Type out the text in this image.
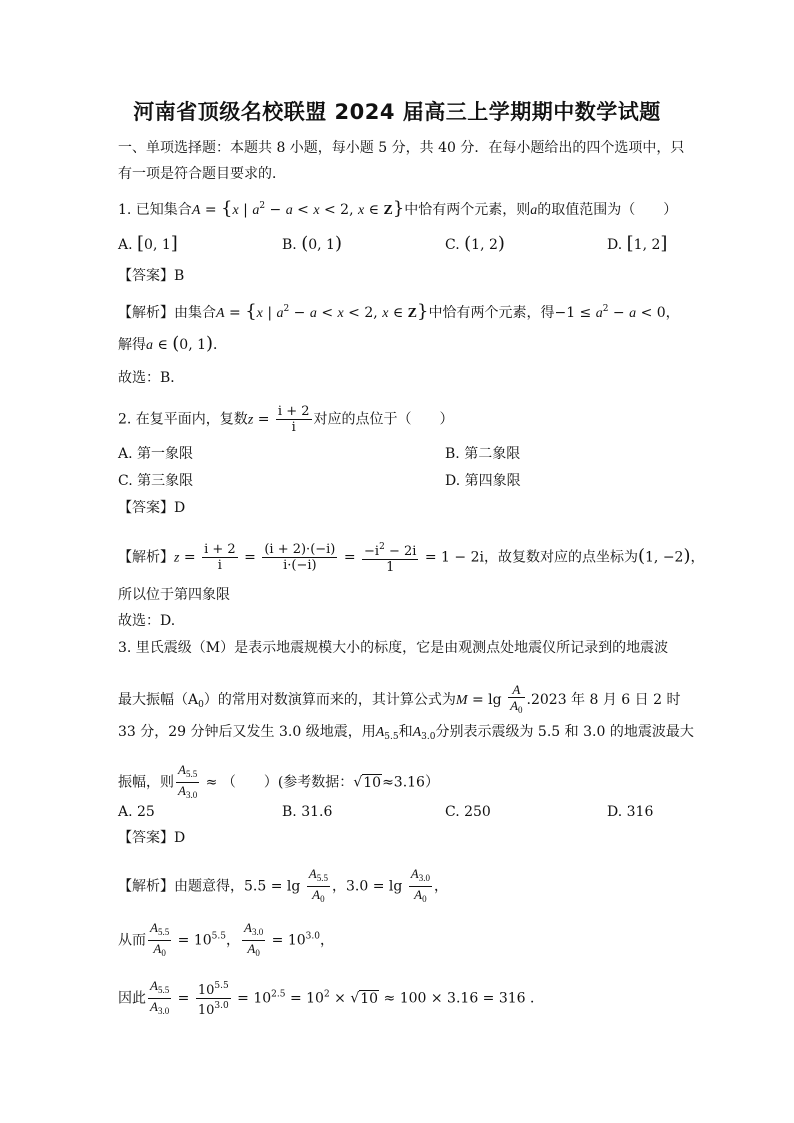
河南省顶级名校联盟 2024 届高三上学期期中数学试题
一、单项选择题：本题共 8 小题，每小题 5 分，共 40 分．在每小题给出的四个选项中，只
有一项是符合题目要求的．
1. 已知集合A = {x | $a^2 - a < x < 2$, x ∈ Z}中恰有两个元素，则a的取值范围为（　　）
A. [0, 1]	B. (0, 1)	C. (1, 2)	D. [1, 2]
【答案】B
【解析】由集合A = {x | $a^2 - a < x < 2$, x ∈ Z}中恰有两个元素，得$-1 \le a^2 - a < 0$，
解得a ∈ (0, 1)．
故选：B．
2. 在复平面内，复数$z = \frac{i + 2}{i}$ 对应的点位于（　　）
A. 第一象限	B. 第二象限
C. 第三象限	D. 第四象限
【答案】D
【解析】$z = \frac{i + 2}{i} = \frac{(i + 2)\cdot(-i)}{i\cdot(-i)} = \frac{-i^2 - 2i}{1} = 1 - 2i$，故复数对应的点坐标为(1, −2)，
所以位于第四象限
故选：D.
3. 里氏震级（M）是表示地震规模大小的标度，它是由观测点处地震仪所记录到的地震波
最大振幅$(A_0)$的常用对数演算而来的，其计算公式为$M = \lg \frac{A}{A_0} .2023$ 年 8 月 6 日 2 时
33 分，29 分钟后又发生 3.0 级地震，用$A_{5.5}$和$A_{3.0}$分别表示震级为 5.5 和 3.0 的地震波最大
振幅，则 $\frac{A_{5.5}}{A_{3.0}}$ ≈ （　　）(参考数据：√10≈3.16）
A. 25	B. 31.6	C. 250	D. 316
【答案】D
【解析】由题意得，$5.5 = \lg \frac{A_{5.5}}{A_0}$ ，$3.0 = \lg \frac{A_{3.0}}{A_0}$ ，
从而 $\frac{A_{5.5}}{A_0} = 10^{5.5}$， $\frac{A_{3.0}}{A_0} = 10^{3.0}$，
因此 $\frac{A_{5.5}}{A_{3.0}} = \frac{10^{5.5}}{10^{3.0}} = 10^{2.5} = 10^2 \times √10 \approx 100 \times 3.16 = 316$ ．
